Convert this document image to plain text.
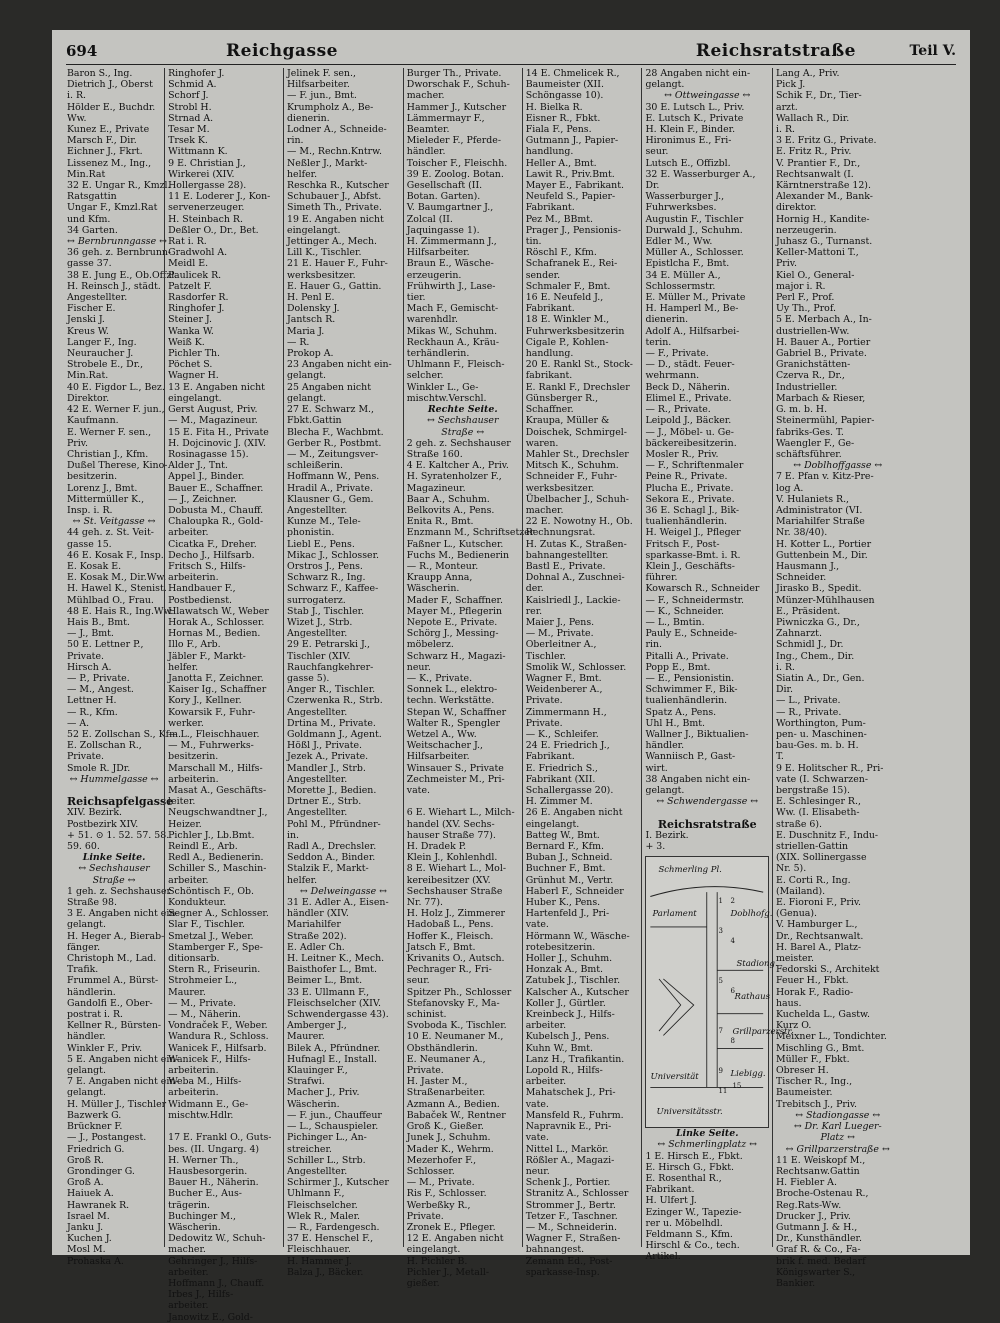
694	Reichgasse	Reichsratstraße	Teil V.
Baron S., Ing.
Dietrich J., Oberst
i. R.
Hölder E., Buchdr.
Ww.
Kunez E., Private
Marsch F., Dir.
Eichner J., Fkrt.
Lissenez M., Ing.,
Min.Rat
32 E. Ungar R., Kmzl.
Ratsgattin
Ungar F., Kmzl.Rat
und Kfm.
34 Garten.
↔ Bernbrunngasse ↔
36 geh. z. Bernbrunn-
gasse 37.
38 E. Jung E., Ob.Offzl.
H. Reinsch J., städt.
Angestellter.
Fischer E.
Jenski J.
Kreus W.
Langer F., Ing.
Neuraucher J.
Strobele E., Dr.,
Min.Rat.
40 E. Figdor L., Bez.
Direktor.
42 E. Werner F. jun.,
Kaufmann.
E. Werner F. sen.,
Priv.
Christian J., Kfm.
Dußel Therese, Kino-
besitzerin.
Lorenz J., Bmt.
Mittermüller K.,
Insp. i. R.
↔ St. Veitgasse ↔
44 geh. z. St. Veit-
gasse 15.
46 E. Kosak F., Insp.
E. Kosak E.
E. Kosak M., Dir.Ww.
H. Hawel K., Stenist.
Mühlbad O., Frau.
48 E. Hais R., Ing.Ww.
Hais B., Bmt.
— J., Bmt.
50 E. Lettner P.,
Private.
Hirsch A.
— P., Private.
— M., Angest.
Lettner H.
— R., Kfm.
— A.
52 E. Zollschan S., Kfm.
E. Zollschan R.,
Private.
Smole R. JDr.
↔ Hummelgasse ↔

Reichsapfelgasse
XIV. Bezirk.
Postbezirk XIV.
+ 51. ⊙ 1. 52. 57. 58.
59. 60.
Linke Seite.
↔ Sechshauser
Straße ↔
1 geh. z. Sechshauser
Straße 98.
3 E. Angaben nicht ein-
gelangt.
H. Heger A., Bierab-
fänger.
Christoph M., Lad.
Trafik.
Frummel A., Bürst-
händlerin.
Gandolfi E., Ober-
postrat i. R.
Kellner R., Bürsten-
händler.
Winkler F., Priv.
5 E. Angaben nicht ein-
gelangt.
7 E. Angaben nicht ein-
gelangt.
H. Müller J., Tischler
Bazwerk G.
Brückner F.
— J., Postangest.
Friedrich G.
Groß R.
Grondinger G.
Groß A.
Haiuek A.
Hawranek R.
Israel M.
Janku J.
Kuchen J.
Mosl M.
Prohaska A.
Ringhofer J.
Schmid A.
Schorf J.
Strobl H.
Strnad A.
Tesar M.
Trsek K.
Wittmann K.
9 E. Christian J.,
Wirkerei (XIV.
Hollergasse 28).
11 E. Loderer J., Kon-
servenerzeuger.
H. Steinbach R.
Deßler O., Dr., Bet.
Rat i. R.
Gradwohl A.
Meidl E.
Paulicek R.
Patzelt F.
Rasdorfer R.
Ringhofer J.
Steiner J.
Wanka W.
Weiß K.
Pichler Th.
Pöchet S.
Wagner H.
13 E. Angaben nicht
eingelangt.
Gerst August, Priv.
— M., Magazineur.
15 E. Fita H., Private
H. Dojcinovic J. (XIV.
Rosinagasse 15).
Alder J., Tnt.
Appel J., Binder.
Bauer E., Schaffner.
— J., Zeichner.
Dobusta M., Chauff.
Chaloupka R., Gold-
arbeiter.
Cicatka F., Dreher.
Decho J., Hilfsarb.
Fritsch S., Hilfs-
arbeiterin.
Handbauer F.,
Postbedienst.
Hlawatsch W., Weber
Horak A., Schlosser.
Hornas M., Bedien.
Illo F., Arb.
Jäbler F., Markt-
helfer.
Janotta F., Zeichner.
Kaiser Ig., Schaffner
Kory J., Kellner.
Kowarsik F., Fuhr-
werker.
— L., Fleischhauer.
— M., Fuhrwerks-
besitzerin.
Marschall M., Hilfs-
arbeiterin.
Masat A., Geschäfts-
leiter.
Neugschwandtner J.,
Heizer.
Pichler J., Lb.Bmt.
Reindl E., Arb.
Redl A., Bedienerin.
Schiller S., Maschin-
arbeiter.
Schöntisch F., Ob.
Kondukteur.
Segner A., Schlosser.
Slar F., Tischler.
Smetzal J., Weber.
Stamberger F., Spe-
ditionsarb.
Stern R., Friseurin.
Strohmeier L.,
Maurer.
— M., Private.
— M., Näherin.
Vondraček F., Weber.
Wandura R., Schloss.
Wanicek F., Hilfsarb.
Wanicek F., Hilfs-
arbeiterin.
Weba M., Hilfs-
arbeiterin.
Widmann E., Ge-
mischtw.Hdlr.

17 E. Frankl O., Guts-
bes. (II. Ungarg. 4)
H. Werner Th.,
Hausbesorgerin.
Bauer H., Näherin.
Bucher E., Aus-
trägerin.
Buchinger M.,
Wäscherin.
Dedowitz W., Schuh-
macher.
Gehringer J., Hilfs-
arbeiter.
Hoffmann J., Chauff.
Irbes J., Hilfs-
arbeiter.
Janowitz E., Gold-
Jelinek F. sen.,
Hilfsarbeiter.
— F. jun., Bmt.
Krumpholz A., Be-
dienerin.
Lodner A., Schneide-
rin.
— M., Rechn.Kntrw.
Neßler J., Markt-
helfer.
Reschka R., Kutscher
Schubauer J., Abfst.
Simeth Th., Private.
19 E. Angaben nicht
eingelangt.
Jettinger A., Mech.
Lill K., Tischler.
21 E. Hauer F., Fuhr-
werksbesitzer.
E. Hauer G., Gattin.
H. Penl E.
Dolensky J.
Jantsch R.
Maria J.
— R.
Prokop A.
23 Angaben nicht ein-
gelangt.
25 Angaben nicht
gelangt.
27 E. Schwarz M.,
Fbkt.Gattin
Blecha F., Wachbmt.
Gerber R., Postbmt.
— M., Zeitungsver-
schleißerin.
Hoffmann W., Pens.
Hradil A., Private.
Klausner G., Gem.
Angestellter.
Kunze M., Tele-
phonistin.
Liebl E., Pens.
Mikac J., Schlosser.
Orstros J., Pens.
Schwarz R., Ing.
Schwarz F., Kaffee-
surrogaterz.
Stab J., Tischler.
Wizet J., Strb.
Angestellter.
29 E. Petrarski J.,
Tischler (XIV.
Rauchfangkehrer-
gasse 5).
Anger R., Tischler.
Czerwenka R., Strb.
Angestellter.
Drtina M., Private.
Goldmann J., Agent.
Hößl J., Private.
Jezek A., Private.
Mandler J., Strb.
Angestellter.
Morette J., Bedien.
Drtner E., Strb.
Angestellter.
Pohl M., Pfründner-
in.
Radl A., Drechsler.
Seddon A., Binder.
Stalzik F., Markt-
helfer.
↔ Delweingasse ↔
31 E. Adler A., Eisen-
händler (XIV.
Mariahilfer
Straße 202).
E. Adler Ch.
H. Leitner K., Mech.
Baisthofer L., Bmt.
Beimer L., Bmt.
33 E. Ullmann F.,
Fleischselcher (XIV.
Schwendergasse 43).
Amberger J.,
Maurer.
Bilek A., Pfründner.
Hufnagl E., Install.
Klauinger F.,
Strafwi.
Macher J., Priv.
Wäscherin.
— F. jun., Chauffeur
— L., Schauspieler.
Pichinger L., An-
streicher.
Schiller L., Strb.
Angestellter.
Schirmer J., Kutscher
Uhlmann F.,
Fleischselcher.
Wlek R., Maler.
— R., Fardengesch.
37 E. Henschel F.,
Fleischhauer.
H. Hammer J.
Balza J., Bäcker.
Burger Th., Private.
Dworschak F., Schuh-
macher.
Hammer J., Kutscher
Lämmermayr F.,
Beamter.
Mieleder F., Pferde-
händler.
Toischer F., Fleischh.
39 E. Zoolog. Botan.
Gesellschaft (II.
Botan. Garten).
V. Baumgartner J.,
Zolcal (II.
Jaquingasse 1).
H. Zimmermann J.,
Hilfsarbeiter.
Braun E., Wäsche-
erzeugerin.
Frühwirth J., Lase-
tier.
Mach F., Gemischt-
warenhdlr.
Mikas W., Schuhm.
Reckhaun A., Kräu-
terhändlerin.
Uhlmann F., Fleisch-
selcher.
Winkler L., Ge-
mischtw.Verschl.
Rechte Seite.
↔ Sechshauser
Straße ↔
2 geh. z. Sechshauser
Straße 160.
4 E. Kaltcher A., Priv.
H. Syratenholzer F.,
Magazineur.
Baar A., Schuhm.
Belkovits A., Pens.
Enita R., Bmt.
Enzmann M., Schriftsetzer
Faßner L., Kutscher.
Fuchs M., Bedienerin
— R., Monteur.
Kraupp Anna,
Wäscherin.
Mader F., Schaffner.
Mayer M., Pflegerin
Nepote E., Private.
Schörg J., Messing-
möbelerz.
Schwarz H., Magazi-
neur.
— K., Private.
Sonnek L., elektro-
techn. Werkstätte.
Stepan W., Schaffner
Walter R., Spengler
Wetzel A., Ww.
Weitschacher J.,
Hilfsarbeiter.
Winsauer S., Private
Zechmeister M., Pri-
vate.

6 E. Wiehart L., Milch-
handel (XV. Sechs-
hauser Straße 77).
H. Dradek P.
Klein J., Kohlenhdl.
8 E. Wiehart L., Mol-
kereibesitzer (XV.
Sechshauser Straße
Nr. 77).
H. Holz J., Zimmerer
Hadobaß L., Pens.
Hoffer K., Fleisch.
Jatsch F., Bmt.
Krivanits O., Autsch.
Pechrager R., Fri-
seur.
Spitzer Ph., Schlosser
Stefanovsky F., Ma-
schinist.
Svoboda K., Tischler.
10 E. Neumaner M.,
Obsthändlerin.
E. Neumaner A.,
Private.
H. Jaster M.,
Straßenarbeiter.
Azmann A., Bedien.
Babaček W., Rentner
Groß K., Gießer.
Junek J., Schuhm.
Mader K., Wehrm.
Mezerhofer F.,
Schlosser.
— M., Private.
Ris F., Schlosser.
Werbeßky R.,
Private.
Zronek E., Pfleger.
12 E. Angaben nicht
eingelangt.
H. Pichler B.
Pichler J., Metall-
gießer.
14 E. Chmelicek R.,
Baumeister (XII.
Schöngasse 10).
H. Bielka R.
Eisner R., Fbkt.
Fiala F., Pens.
Gutmann J., Papier-
handlung.
Heller A., Bmt.
Lawit R., Priv.Bmt.
Mayer E., Fabrikant.
Neufeld S., Papier-
Fabrikant.
Pez M., BBmt.
Prager J., Pensionis-
tin.
Röschl F., Kfm.
Schafranek E., Rei-
sender.
Schmaler F., Bmt.
16 E. Neufeld J.,
Fabrikant.
18 E. Winkler M.,
Fuhrwerksbesitzerin
Cigale P., Kohlen-
handlung.
20 E. Rankl St., Stock-
fabrikant.
E. Rankl F., Drechsler
Günsberger R.,
Schaffner.
Kraupa, Müller &
Doischek, Schmirgel-
waren.
Mahler St., Drechsler
Mitsch K., Schuhm.
Schneider F., Fuhr-
werksbesitzer.
Übelbacher J., Schuh-
macher.
22 E. Nowotny H., Ob.
Rechnungsrat.
H. Zutas K., Straßen-
bahnangestellter.
Bastl E., Private.
Dohnal A., Zuschnei-
der.
Kaislriedl J., Lackie-
rer.
Maier J., Pens.
— M., Private.
Oberleitner A.,
Tischler.
Smolik W., Schlosser.
Wagner F., Bmt.
Weidenberer A.,
Private.
Zimmermann H.,
Private.
— K., Schleifer.
24 E. Friedrich J.,
Fabrikant.
E. Friedrich S.,
Fabrikant (XII.
Schallergasse 20).
H. Zimmer M.
26 E. Angaben nicht
eingelangt.
Batteg W., Bmt.
Bernard F., Kfm.
Buban J., Schneid.
Buchner F., Bmt.
Grünhut M., Vertr.
Haberl F., Schneider
Huber K., Pens.
Hartenfeld J., Pri-
vate.
Hörmann W., Wäsche-
rotebesitzerin.
Holler J., Schuhm.
Honzak A., Bmt.
Zatubek J., Tischler.
Kalscher A., Kutscher
Koller J., Gürtler.
Kreinbeck J., Hilfs-
arbeiter.
Kubelsch J., Pens.
Kuhn W., Bmt.
Lanz H., Trafikantin.
Lopold R., Hilfs-
arbeiter.
Mahatschek J., Pri-
vate.
Mansfeld R., Fuhrm.
Napravnik E., Pri-
vate.
Nittel L., Markör.
Rößler A., Magazi-
neur.
Schenk J., Portier.
Stranitz A., Schlosser
Strommer J., Bertr.
Tetzer F., Taschner.
— M., Schneiderin.
Wagner F., Straßen-
bahnangest.
Zemann Ed., Post-
sparkasse-Insp.
28 Angaben nicht ein-
gelangt.
↔ Ottweingasse ↔
30 E. Lutsch L., Priv.
E. Lutsch K., Private
H. Klein F., Binder.
Hironimus E., Fri-
seur.
Lutsch E., Offizbl.
32 E. Wasserburger A.,
Dr.
Wasserburger J.,
Fuhrwerksbes.
Augustin F., Tischler
Durwald J., Schuhm.
Edler M., Ww.
Müller A., Schlosser.
Epistlcha F., Bmt.
34 E. Müller A.,
Schlossermstr.
E. Müller M., Private
H. Hamperl M., Be-
dienerin.
Adolf A., Hilfsarbei-
terin.
— F., Private.
— D., städt. Feuer-
wehrmann.
Beck D., Näherin.
Elimel E., Private.
— R., Private.
Leipold J., Bäcker.
— J., Möbel- u. Ge-
bäckereibesitzerin.
Mosler R., Priv.
— F., Schriftenmaler
Peine R., Private.
Plucha E., Private.
Sekora E., Private.
36 E. Schagl J., Bik-
tualienhändlerin.
H. Weigel J., Pfleger
Fritsch F., Post-
sparkasse-Bmt. i. R.
Klein J., Geschäfts-
führer.
Kowarsch R., Schneider
— F., Schneidermstr.
— K., Schneider.
— L., Bmtin.
Pauly E., Schneide-
rin.
Pitalli A., Private.
Popp E., Bmt.
— E., Pensionistin.
Schwimmer F., Bik-
tualienhändlerin.
Spatz A., Pens.
Uhl H., Bmt.
Wallner J., Biktualien-
händler.
Wanniisch P., Gast-
wirt.
38 Angaben nicht ein-
gelangt.
↔ Schwendergasse ↔

Reichsratstraße
I. Bezirk.
+ 3.
Schmerling Pl.
Parlament	Doblhofg.
Stadiong.
Rathaus
Grillparzerstr.
Liebigg.
Universität
Universitätsstr.
1
3
5
7
9
11
2
4
6
8
15
Linke Seite.
↔ Schmerlingplatz ↔
1 E. Hirsch E., Fbkt.
E. Hirsch G., Fbkt.
E. Rosenthal R.,
Fabrikant.
H. Ulfert J.
Ezinger W., Tapezie-
rer u. Möbelhdl.
Feldmann S., Kfm.
Hirschl & Co., tech.
Artikel.
Lang A., Priv.
Pick J.
Schik F., Dr., Tier-
arzt.
Wallach R., Dir.
i. R.
3 E. Fritz G., Private.
E. Fritz R., Priv.
V. Prantier F., Dr.,
Rechtsanwalt (I.
Kärntnerstraße 12).
Alexander M., Bank-
direktor.
Hornig H., Kandite-
nerzeugerin.
Juhasz G., Turnanst.
Keller-Mattoni T.,
Priv.
Kiel O., General-
major i. R.
Perl F., Prof.
Uy Th., Prof.
5 E. Merbach A., In-
dustriellen-Ww.
H. Bauer A., Portier
Gabriel B., Private.
Granichstätten-
Czerva R., Dr.,
Industrieller.
Marbach & Rieser,
G. m. b. H.
Steinermühl, Papier-
fabriks-Ges. T.
Waengler F., Ge-
schäftsführer.
↔ Doblhoffgasse ↔
7 E. Pfan v. Kitz-Pre-
log A.
V. Hulaniets R.,
Administrator (VI.
Mariahilfer Straße
Nr. 38/40).
H. Kotter L., Portier
Guttenbein M., Dir.
Hausmann J.,
Schneider.
Jirasko B., Spedit.
Münzer-Mühlhausen
E., Präsident.
Piwniczka G., Dr.,
Zahnarzt.
Schmidl J., Dr.
Ing., Chem., Dir.
i. R.
Siatin A., Dr., Gen.
Dir.
— L., Private.
— R., Private.
Worthington, Pum-
pen- u. Maschinen-
bau-Ges. m. b. H.
T.
9 E. Holitscher R., Pri-
vate (I. Schwarzen-
bergstraße 15).
E. Schlesinger R.,
Ww. (I. Elisabeth-
straße 6).
E. Duschnitz F., Indu-
striellen-Gattin
(XIX. Sollinergasse
Nr. 5).
E. Corti R., Ing.
(Mailand).
E. Fioroni F., Priv.
(Genua).
V. Hamburger L.,
Dr., Rechtsanwalt.
H. Barel A., Platz-
meister.
Fedorski S., Architekt
Feuer H., Fbkt.
Horak F., Radio-
haus.
Kuchelda L., Gastw.
Kurz O.
Meixner L., Tondichter.
Mischling G., Bmt.
Müller F., Fbkt.
Obreser H.
Tischer R., Ing.,
Baumeister.
Trebitsch J., Priv.
↔ Stadiongasse ↔
↔ Dr. Karl Lueger-
Platz ↔
↔ Grillparzerstraße ↔
11 E. Weiskopf M.,
Rechtsanw.Gattin
H. Fiebler A.
Broche-Ostenau R.,
Reg.Rats-Ww.
Drucker J., Priv.
Gutmann J. & H.,
Dr., Kunsthändler.
Graf R. & Co., Fa-
brik f. med. Bedarf
Königswarter S.,
Bankier.
